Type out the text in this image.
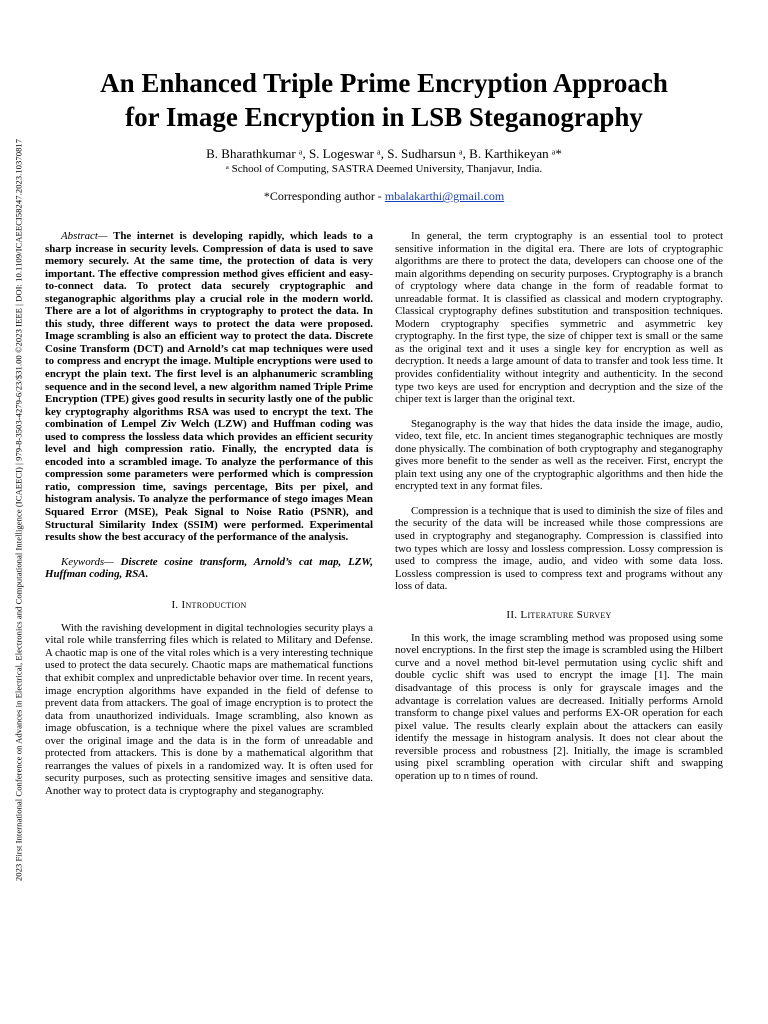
2023 First International Conference on Advances in Electrical, Electronics and Computational Intelligence (ICAEECI) | 979-8-3503-4279-6/23/$31.00 ©2023 IEEE | DOI: 10.1109/ICAEECI58247.2023.10370817
An Enhanced Triple Prime Encryption Approach
for Image Encryption in LSB Steganography
B. Bharathkumar ᵃ, S. Logeswar ᵃ, S. Sudharsun ᵃ, B. Karthikeyan ᵃ*
ᵃ School of Computing, SASTRA Deemed University, Thanjavur, India.
*Corresponding author - mbalakarthi@gmail.com

Abstract— The internet is developing rapidly, which leads to a sharp increase in security levels. Compression of data is used to save memory securely. At the same time, the protection of data is very important. The effective compression method gives efficient and easy-to-connect data. To protect data securely cryptographic and steganographic algorithms play a crucial role in the modern world. There are a lot of algorithms in cryptography to protect the data. In this study, three different ways to protect the data were proposed. Image scrambling is also an efficient way to protect the data. Discrete Cosine Transform (DCT) and Arnold’s cat map techniques were used to compress and encrypt the image. Multiple encryptions were used to encrypt the plain text. The first level is an alphanumeric scrambling sequence and in the second level, a new algorithm named Triple Prime Encryption (TPE) gives good results in security lastly one of the public key cryptography algorithms RSA was used to encrypt the text. The combination of Lempel Ziv Welch (LZW) and Huffman coding was used to compress the lossless data which provides an efficient security level and high compression ratio. Finally, the encrypted data is encoded into a scrambled image. To analyze the performance of this compression some parameters were performed which is compression ratio, compression time, savings percentage, Bits per pixel, and histogram analysis. To analyze the performance of stego images Mean Squared Error (MSE), Peak Signal to Noise Ratio (PSNR), and Structural Similarity Index (SSIM) were performed. Experimental results show the best accuracy of the performance of the analysis.

Keywords— Discrete cosine transform, Arnold’s cat map, LZW, Huffman coding, RSA.

I. Introduction

With the ravishing development in digital technologies security plays a vital role while transferring files which is related to Military and Defense. A chaotic map is one of the vital roles which is a very interesting technique used to protect the data securely. Chaotic maps are mathematical functions that exhibit complex and unpredictable behavior over time. In recent years, image encryption algorithms have expanded in the field of defense to prevent data from attackers. The goal of image encryption is to protect the data from unauthorized individuals. Image scrambling, also known as image obfuscation, is a technique where the pixel values are scrambled over the original image and the data is in the form of unreadable and protected from attackers. This is done by a mathematical algorithm that rearranges the values of pixels in a randomized way. It is often used for security purposes, such as protecting sensitive images and sensitive data. Another way to protect data is cryptography and steganography.

In general, the term cryptography is an essential tool to protect sensitive information in the digital era. There are lots of cryptographic algorithms are there to protect the data, developers can choose one of the main algorithms depending on security purposes. Cryptography is a branch of cryptology where data change in the form of readable format to unreadable format. It is classified as classical and modern cryptography. Classical cryptography defines substitution and transposition techniques. Modern cryptography specifies symmetric and asymmetric key cryptography. In the first type, the size of chipper text is small or the same as the original text and it uses a single key for encryption as well as decryption. It needs a large amount of data to transfer and took less time. It provides confidentiality without integrity and authenticity. In the second type two keys are used for encryption and decryption and the size of the chiper text is larger than the original text.

Steganography is the way that hides the data inside the image, audio, video, text file, etc. In ancient times steganographic techniques are mostly done physically. The combination of both cryptography and steganography gives more benefit to the sender as well as the receiver. First, encrypt the plain text using any one of the cryptographic algorithms and then hide the encrypted text in any format files.

Compression is a technique that is used to diminish the size of files and the security of the data will be increased while those compressions are used in cryptography and steganography. Compression is classified into two types which are lossy and lossless compression. Lossy compression is used to compress the image, audio, and video with some data loss. Lossless compression is used to compress text and programs without any loss of data.

II. Literature Survey

In this work, the image scrambling method was proposed using some novel encryptions. In the first step the image is scrambled using the Hilbert curve and a novel method bit-level permutation using cyclic shift and double cyclic shift was used to encrypt the image [1]. The main disadvantage of this process is only for grayscale images and the advantage is correlation values are decreased. Initially performs Arnold transform to change pixel values and performs EX-OR operation for each pixel value. The results clearly explain about the attackers can easily identify the message in histogram analysis. It does not clear about the reversible process and robustness [2]. Initially, the image is scrambled using pixel scrambling operation with circular shift and swapping operation up to n times of round.
